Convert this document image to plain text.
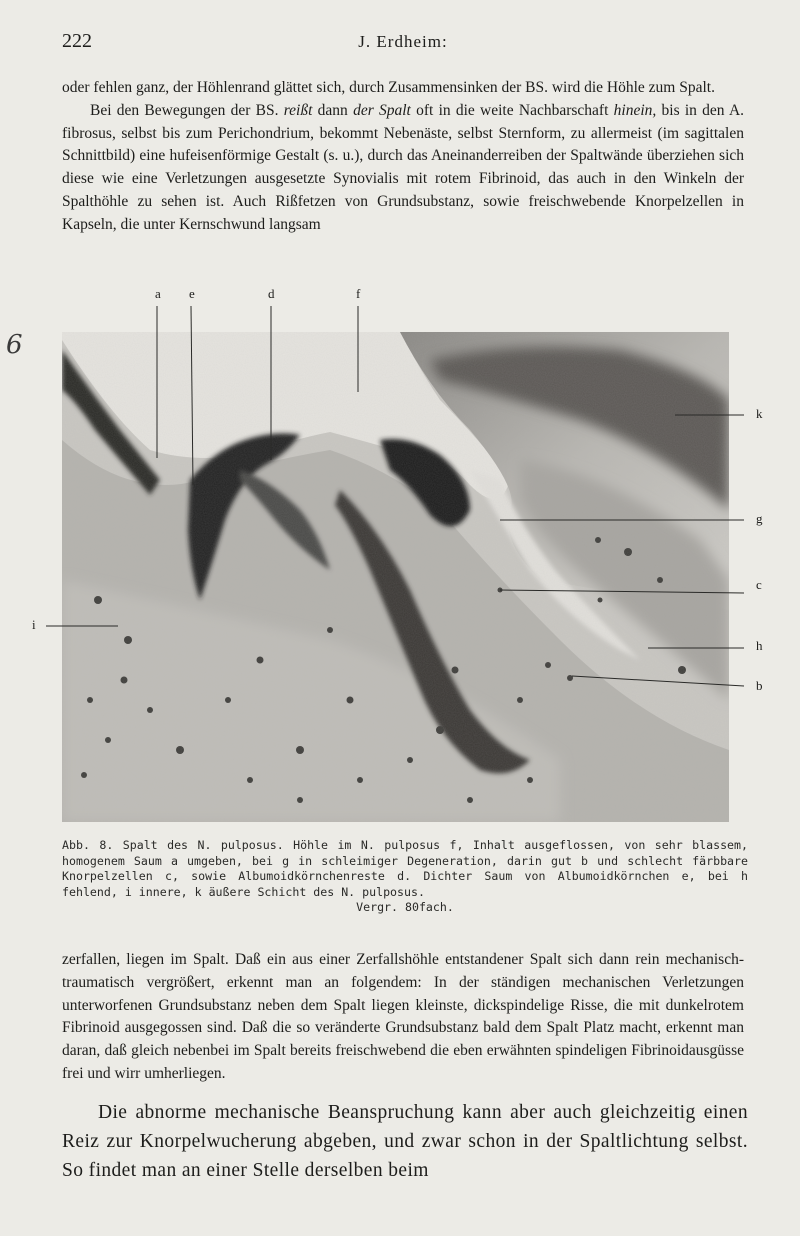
222	J. Erdheim:

oder fehlen ganz, der Höhlenrand glättet sich, durch Zusammensinken der BS. wird die Höhle zum Spalt.

Bei den Bewegungen der BS. reißt dann der Spalt oft in die weite Nachbarschaft hinein, bis in den A. fibrosus, selbst bis zum Perichondrium, bekommt Nebenäste, selbst Sternform, zu allermeist (im sagittalen Schnittbild) eine hufeisenförmige Gestalt (s. u.), durch das Aneinanderreiben der Spaltwände überziehen sich diese wie eine Verletzungen ausgesetzte Synovialis mit rotem Fibrinoid, das auch in den Winkeln der Spalthöhle zu sehen ist. Auch Rißfetzen von Grundsubstanz, sowie freischwebende Knorpelzellen in Kapseln, die unter Kernschwund langsam

6
a e	d	f
k
g
c
h
b
i

Abb. 8. Spalt des N. pulposus. Höhle im N. pulposus f, Inhalt ausgeflossen, von sehr blassem, homogenem Saum a umgeben, bei g in schleimiger Degeneration, darin gut b und schlecht färbbare Knorpelzellen c, sowie Albumoidkörnchenreste d. Dichter Saum von Albumoidkörnchen e, bei h fehlend, i innere, k äußere Schicht des N. pulposus.

Vergr. 80fach.

zerfallen, liegen im Spalt. Daß ein aus einer Zerfallshöhle entstandener Spalt sich dann rein mechanisch-traumatisch vergrößert, erkennt man an folgendem: In der ständigen mechanischen Verletzungen unterworfenen Grundsubstanz neben dem Spalt liegen kleinste, dickspindelige Risse, die mit dunkelrotem Fibrinoid ausgegossen sind. Daß die so veränderte Grundsubstanz bald dem Spalt Platz macht, erkennt man daran, daß gleich nebenbei im Spalt bereits freischwebend die eben erwähnten spindeligen Fibrinoidausgüsse frei und wirr umherliegen.

Die abnorme mechanische Beanspruchung kann aber auch gleichzeitig einen Reiz zur Knorpelwucherung abgeben, und zwar schon in der Spaltlichtung selbst. So findet man an einer Stelle derselben beim
